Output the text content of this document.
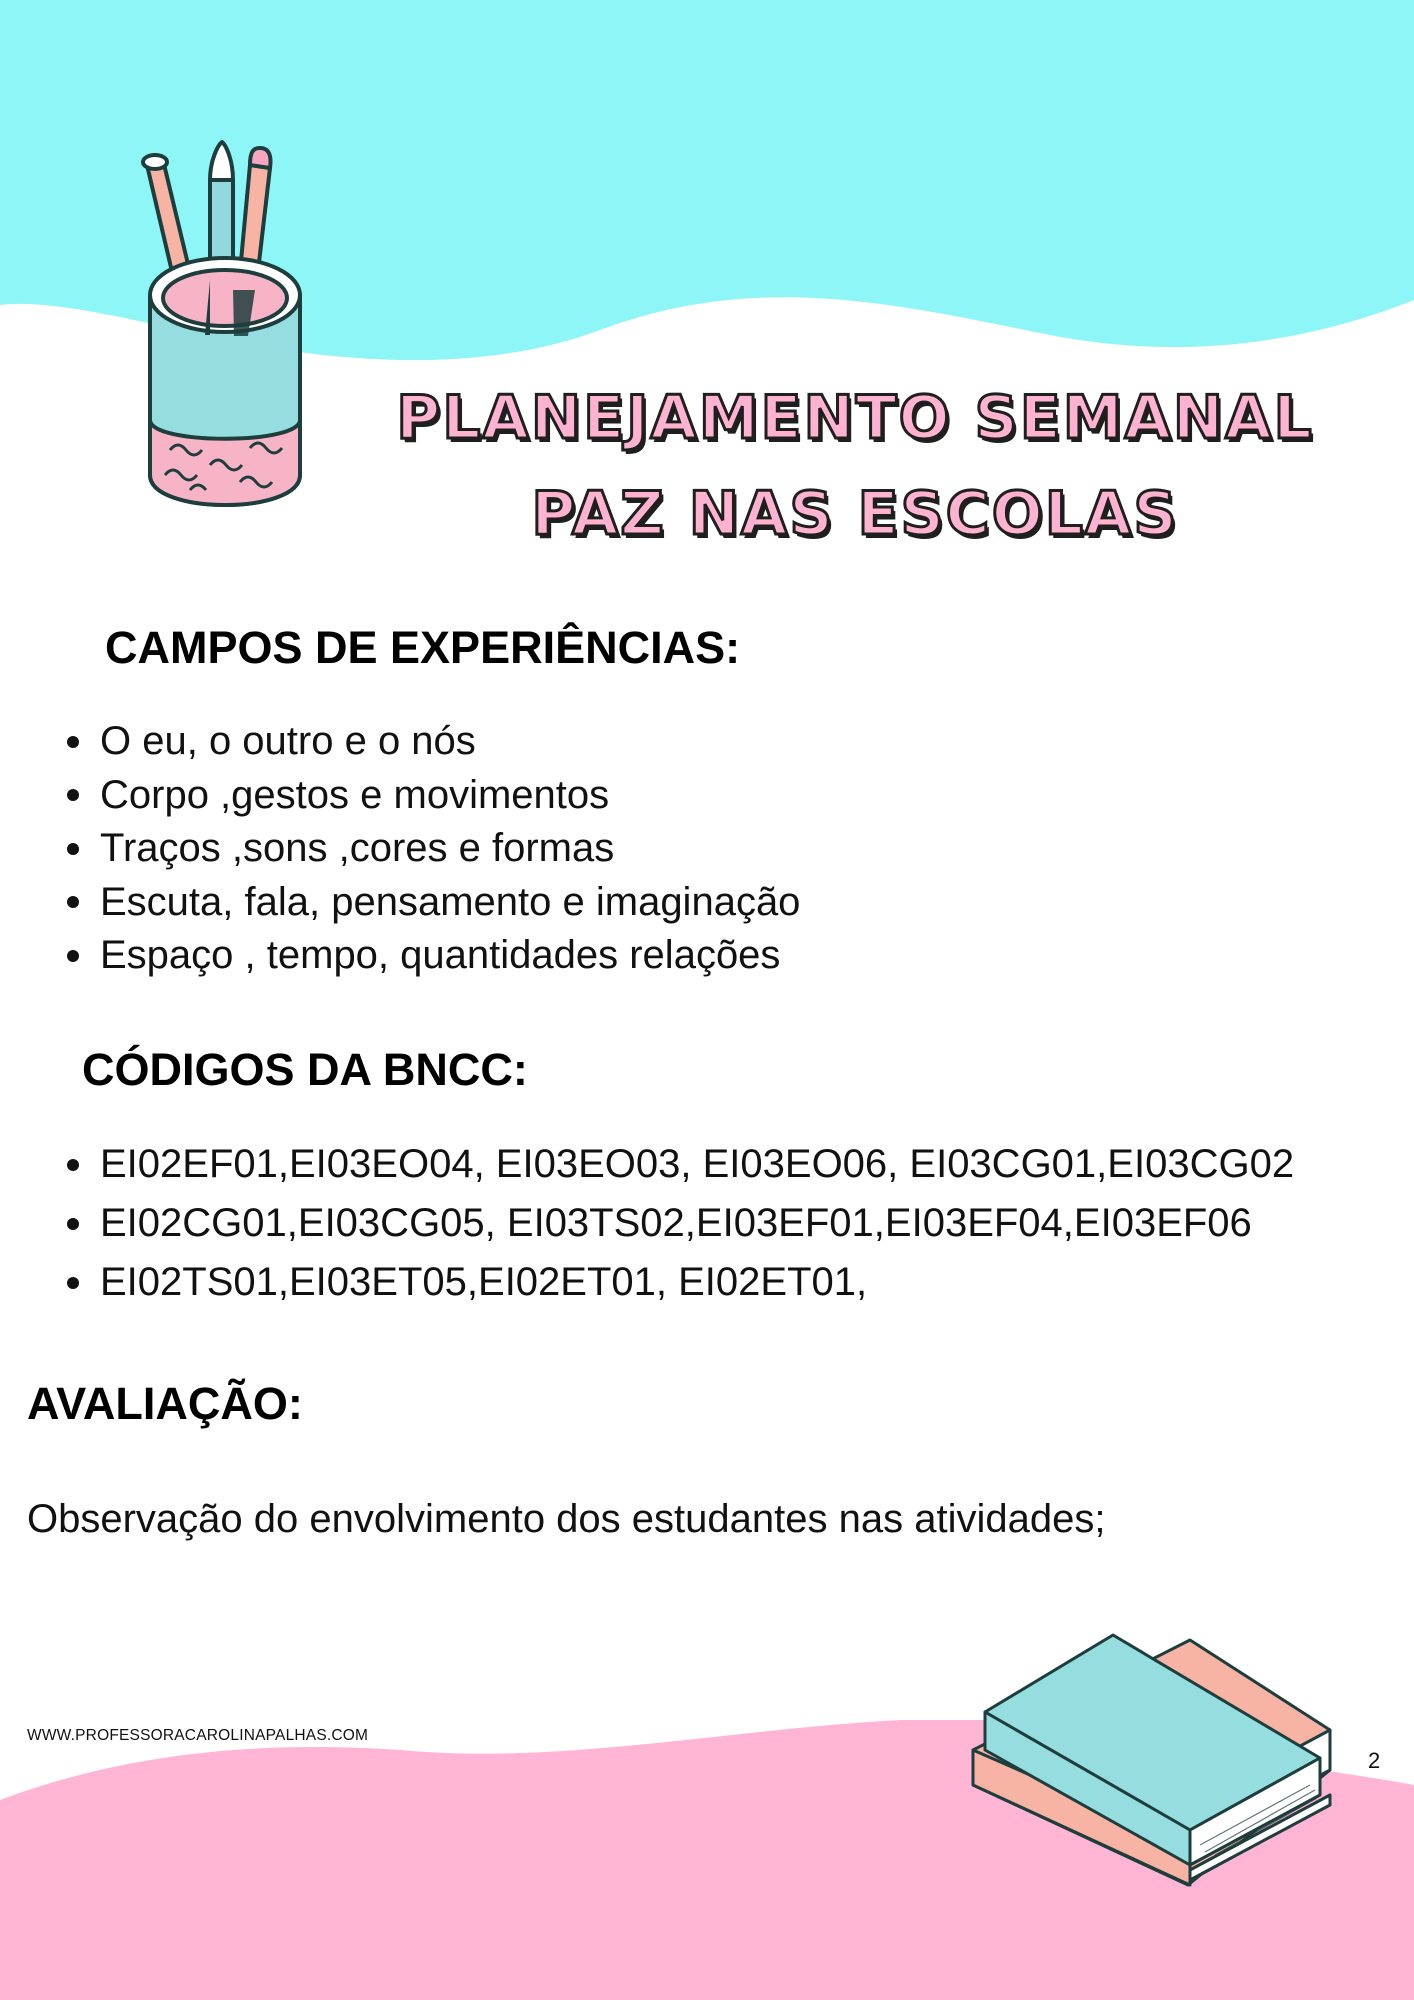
PLANEJAMENTO SEMANAL
PAZ NAS ESCOLAS
CAMPOS DE EXPERIÊNCIAS:
O eu, o outro e o nós
Corpo ,gestos e movimentos
Traços ,sons ,cores e formas
Escuta, fala, pensamento e imaginação
Espaço , tempo, quantidades relações
CÓDIGOS DA BNCC:
EI02EF01,EI03EO04, EI03EO03, EI03EO06, EI03CG01,EI03CG02
EI02CG01,EI03CG05, EI03TS02,EI03EF01,EI03EF04,EI03EF06
EI02TS01,EI03ET05,EI02ET01, EI02ET01,
AVALIAÇÃO:
Observação do envolvimento dos estudantes nas atividades;
WWW.PROFESSORACAROLINAPALHAS.COM
2
